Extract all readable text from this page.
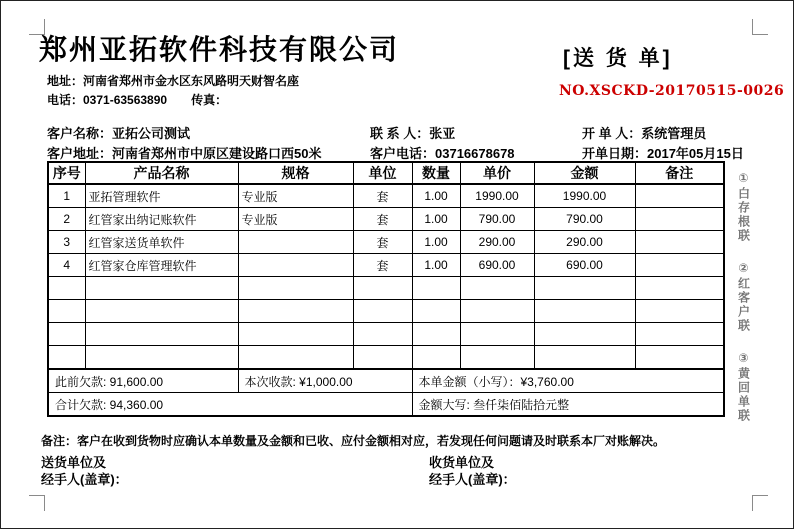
郑州亚拓软件科技有限公司	[送 货 单]
地址：河南省郑州市金水区东风路明天财智名座
电话：0371-63563890 传真：
NO.XSCKD-20170515-0026
客户名称：亚拓公司测试	联 系 人：张亚	开 单 人：系统管理员
客户地址：河南省郑州市中原区建设路口西50米	客户电话：03716678678	开单日期：2017年05月15日
序号	产品名称	规格	单位	数量	单价	金额	备注
1	亚拓管理软件	专业版	套	1.00	1990.00	1990.00	
2	红管家出纳记账软件	专业版	套	1.00	790.00	790.00	
3	红管家送货单软件		套	1.00	290.00	290.00	
4	红管家仓库管理软件		套	1.00	690.00	690.00	

此前欠款: 91,600.00		本次收款: ¥1,000.00		本单金额（小写）：¥3,760.00			
合计欠款: 94,360.00				金额大写: 叁仟柒佰陆拾元整			
①白存根联
②红客户联
③黄回单联
备注：客户在收到货物时应确认本单数量及金额和已收、应付金额相对应，若发现任何问题请及时联系本厂对账解决。
送货单位及
经手人(盖章)：
收货单位及
经手人(盖章)：
